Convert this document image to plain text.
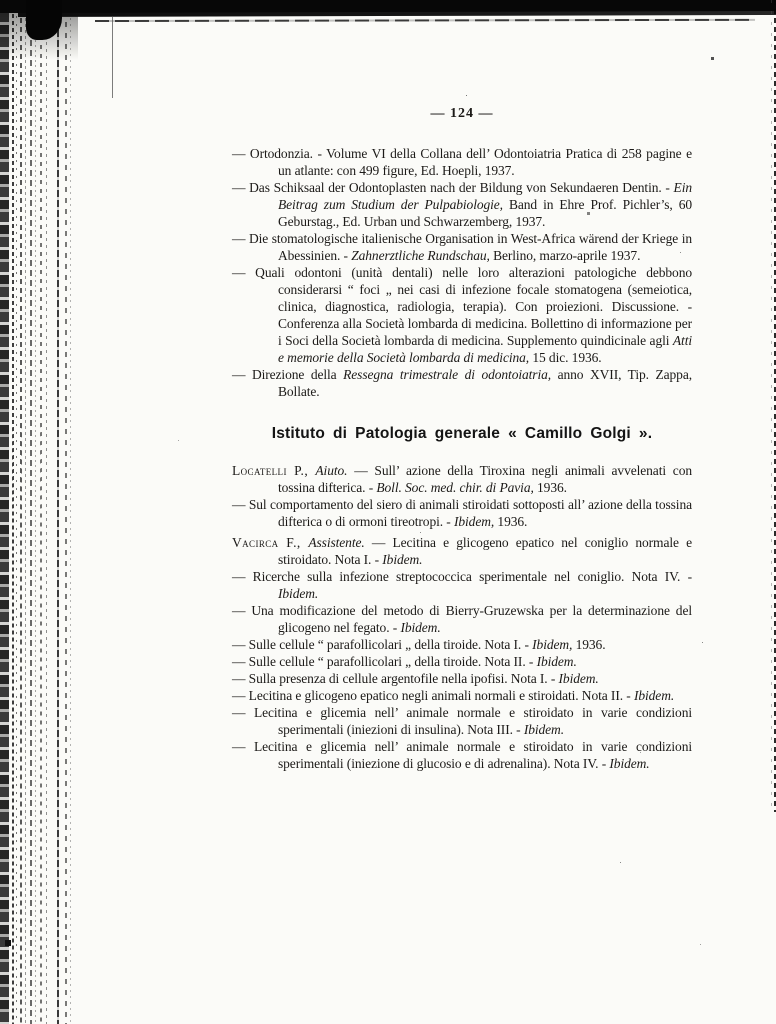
— 124 —

— Ortodonzia. - Volume VI della Collana dell’ Odontoiatria Pratica di 258 pagine e un atlante: con 499 figure, Ed. Hoepli, 1937.

— Das Schiksaal der Odontoplasten nach der Bildung von Sekundaeren Dentin. - Ein Beitrag zum Studium der Pulpabiologie, Band in Ehre Prof. Pichler’s, 60 Geburstag., Ed. Urban und Schwarzemberg, 1937.

— Die stomatologische italienische Organisation in West-Africa wärend der Kriege in Abessinien. - Zahnerztliche Rundschau, Berlino, marzo-aprile 1937.

— Quali odontoni (unità dentali) nelle loro alterazioni patologiche debbono considerarsi “ foci „ nei casi di infezione focale stomatogena (semeiotica, clinica, diagnostica, radiologia, terapia). Con proiezioni. Discussione. - Conferenza alla Società lombarda di medicina. Bollettino di informazione per i Soci della Società lombarda di medicina. Supplemento quindicinale agli Atti e memorie della Società lombarda di medicina, 15 dic. 1936.

— Direzione della Ressegna trimestrale di odontoiatria, anno XVII, Tip. Zappa, Bollate.

Istituto di Patologia generale « Camillo Golgi ».

Locatelli P., Aiuto. — Sull’ azione della Tiroxina negli animali avvelenati con tossina difterica. - Boll. Soc. med. chir. di Pavia, 1936.

— Sul comportamento del siero di animali stiroidati sottoposti all’ azione della tossina difterica o di ormoni tireotropi. - Ibidem, 1936.

Vacirca F., Assistente. — Lecitina e glicogeno epatico nel coniglio normale e stiroidato. Nota I. - Ibidem.

— Ricerche sulla infezione streptococcica sperimentale nel coniglio. Nota IV. - Ibidem.

— Una modificazione del metodo di Bierry-Gruzewska per la determinazione del glicogeno nel fegato. - Ibidem.

— Sulle cellule “ parafollicolari „ della tiroide. Nota I. - Ibidem, 1936.

— Sulle cellule “ parafollicolari „ della tiroide. Nota II. - Ibidem.

— Sulla presenza di cellule argentofile nella ipofisi. Nota I. - Ibidem.

— Lecitina e glicogeno epatico negli animali normali e stiroidati. Nota II. - Ibidem.

— Lecitina e glicemia nell’ animale normale e stiroidato in varie condizioni sperimentali (iniezioni di insulina). Nota III. - Ibidem.

— Lecitina e glicemia nell’ animale normale e stiroidato in varie condizioni sperimentali (iniezione di glucosio e di adrenalina). Nota IV. - Ibidem.
